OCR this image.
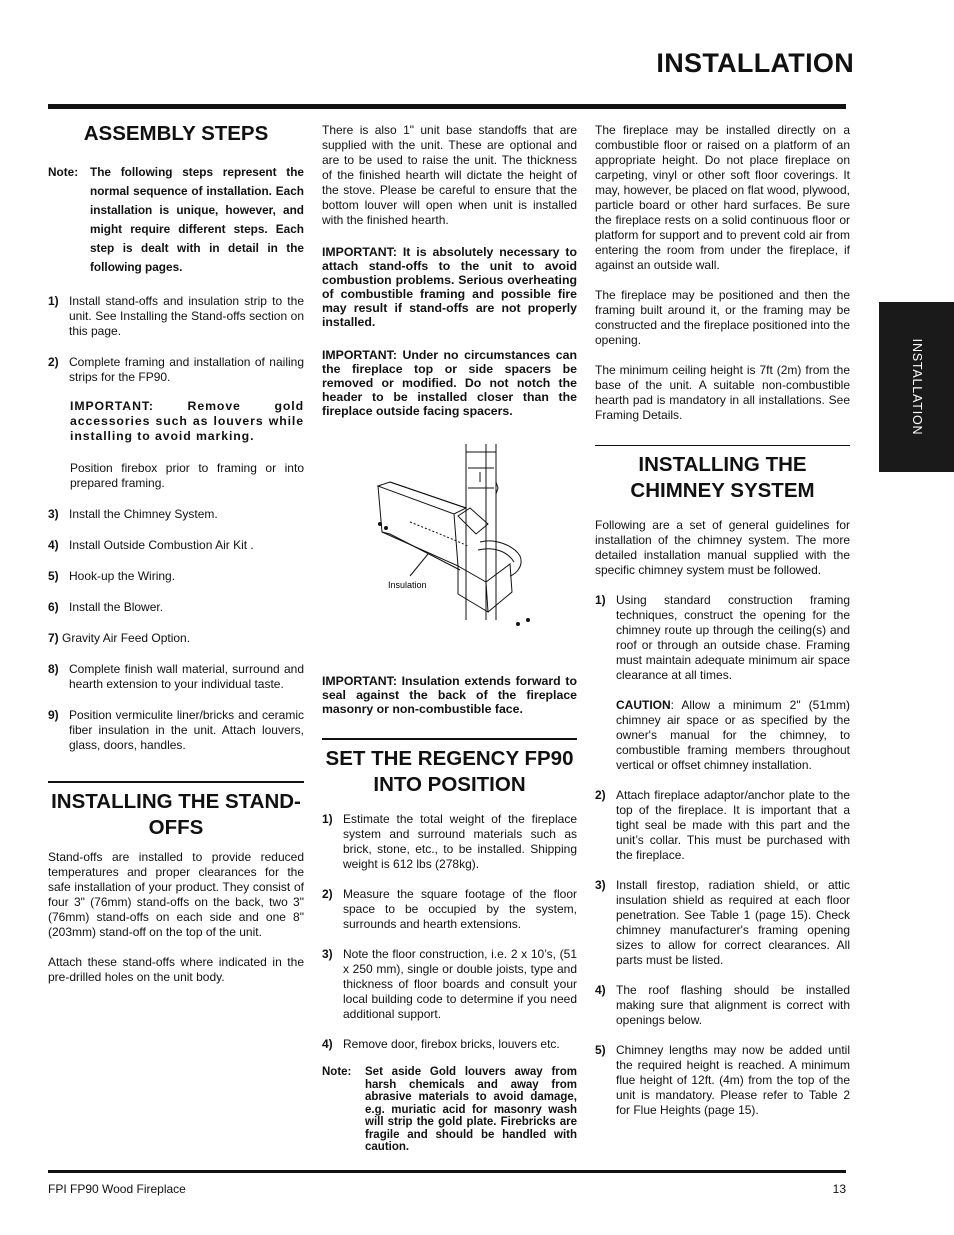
INSTALLATION
INSTALLATION
ASSEMBLY STEPS
Note:	The following steps represent the normal sequence of installation. Each installation is unique, however, and might require different steps. Each step is dealt with in detail in the following pages.
1) Install stand-offs and insulation strip to the unit. See Installing the Stand-offs section on this page.
2) Complete framing and installation of nailing strips for the FP90.

IMPORTANT: Remove gold accessories such as louvers while installing to avoid marking.

Position firebox prior to framing or into prepared framing.

3) Install the Chimney System.
4) Install Outside Combustion Air Kit .
5) Hook-up the Wiring.
6) Install the Blower.
7) Gravity Air Feed Option.
8) Complete finish wall material, surround and hearth extension to your individual taste.
9) Position vermiculite liner/bricks and ceramic fiber insulation in the unit. Attach louvers, glass, doors, handles.
INSTALLING THE STAND-OFFS

Stand-offs are installed to provide reduced temperatures and proper clearances for the safe installation of your product. They consist of four 3" (76mm) stand-offs on the back, two 3" (76mm) stand-offs on each side and one 8" (203mm) stand-off on the top of the unit.

Attach these stand-offs where indicated in the pre-drilled holes on the unit body.

There is also 1" unit base standoffs that are supplied with the unit. These are optional and are to be used to raise the unit. The thickness of the finished hearth will dictate the height of the stove. Please be careful to ensure that the bottom louver will open when unit is installed with the finished hearth.

IMPORTANT: It is absolutely necessary to attach stand-offs to the unit to avoid combustion problems. Serious overheating of combustible framing and possible fire may result if stand-offs are not properly installed.

IMPORTANT: Under no circumstances can the fireplace top or side spacers be removed or modified. Do not notch the header to be installed closer than the fireplace outside facing spacers.

Insulation

IMPORTANT: Insulation extends forward to seal against the back of the fireplace masonry or non-combustible face.

SET THE REGENCY FP90 INTO POSITION
1) Estimate the total weight of the fireplace system and surround materials such as brick, stone, etc., to be installed. Shipping weight is 612 lbs (278kg).
2) Measure the square footage of the floor space to be occupied by the system, surrounds and hearth extensions.
3) Note the floor construction, i.e. 2 x 10’s, (51 x 250 mm), single or double joists, type and thickness of floor boards and consult your local building code to determine if you need additional support.
4) Remove door, firebox bricks, louvers etc.
Note:	Set aside Gold louvers away from harsh chemicals and away from abrasive materials to avoid damage, e.g. muriatic acid for masonry wash will strip the gold plate. Firebricks are fragile and should be handled with caution.

The fireplace may be installed directly on a combustible floor or raised on a platform of an appropriate height. Do not place fireplace on carpeting, vinyl or other soft floor coverings. It may, however, be placed on flat wood, plywood, particle board or other hard surfaces. Be sure the fireplace rests on a solid continuous floor or platform for support and to prevent cold air from entering the room from under the fireplace, if against an outside wall.

The fireplace may be positioned and then the framing built around it, or the framing may be constructed and the fireplace positioned into the opening.

The minimum ceiling height is 7ft (2m) from the base of the unit. A suitable non-combustible hearth pad is mandatory in all installations. See Framing Details.

INSTALLING THE CHIMNEY SYSTEM

Following are a set of general guidelines for installation of the chimney system. The more detailed installation manual supplied with the specific chimney system must be followed.

1) Using standard construction framing techniques, construct the opening for the chimney route up through the ceiling(s) and roof or through an outside chase. Framing must maintain adequate minimum air space clearance at all times.

CAUTION: Allow a minimum 2" (51mm) chimney air space or as specified by the owner's manual for the chimney, to combustible framing members throughout vertical or offset chimney installation.

2) Attach fireplace adaptor/anchor plate to the top of the fireplace. It is important that a tight seal be made with this part and the unit’s collar. This must be purchased with the fireplace.
3) Install firestop, radiation shield, or attic insulation shield as required at each floor penetration. See Table 1 (page 15). Check chimney manufacturer's framing opening sizes to allow for correct clearances. All parts must be listed.
4) The roof flashing should be installed making sure that alignment is correct with openings below.
5) Chimney lengths may now be added until the required height is reached. A minimum flue height of 12ft. (4m) from the top of the unit is mandatory. Please refer to Table 2 for Flue Heights (page 15).
FPI FP90 Wood Fireplace	13
